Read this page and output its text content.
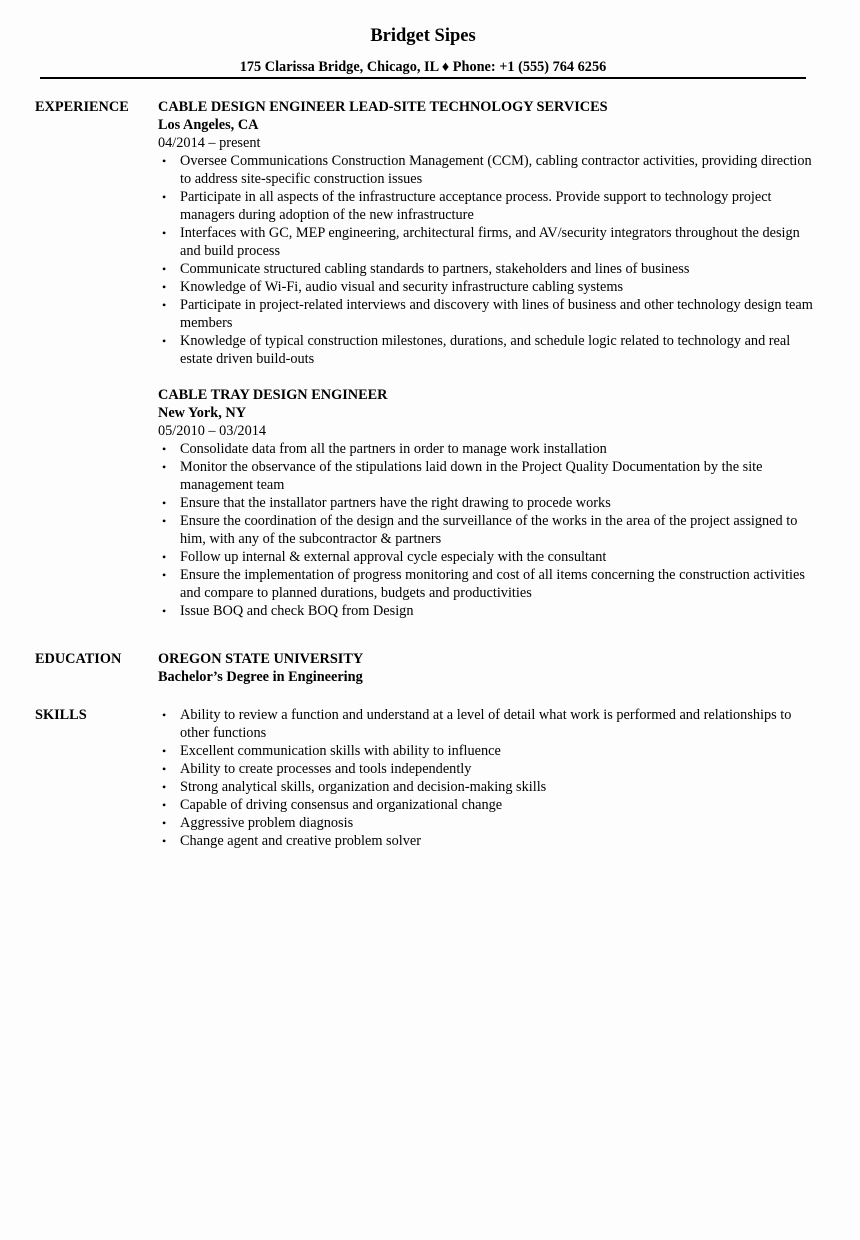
Bridget Sipes
175 Clarissa Bridge, Chicago, IL ♦ Phone: +1 (555) 764 6256
EXPERIENCE	CABLE DESIGN ENGINEER LEAD-SITE TECHNOLOGY SERVICES
Los Angeles, CA
04/2014 – present
• Oversee Communications Construction Management (CCM), cabling contractor activities, providing direction to address site-specific construction issues
• Participate in all aspects of the infrastructure acceptance process. Provide support to technology project managers during adoption of the new infrastructure
• Interfaces with GC, MEP engineering, architectural firms, and AV/security integrators throughout the design and build process
• Communicate structured cabling standards to partners, stakeholders and lines of business
• Knowledge of Wi-Fi, audio visual and security infrastructure cabling systems
• Participate in project-related interviews and discovery with lines of business and other technology design team members
• Knowledge of typical construction milestones, durations, and schedule logic related to technology and real estate driven build-outs
CABLE TRAY DESIGN ENGINEER
New York, NY
05/2010 – 03/2014
• Consolidate data from all the partners in order to manage work installation
• Monitor the observance of the stipulations laid down in the Project Quality Documentation by the site management team
• Ensure that the installator partners have the right drawing to procede works
• Ensure the coordination of the design and the surveillance of the works in the area of the project assigned to him, with any of the subcontractor & partners
• Follow up internal & external approval cycle especialy with the consultant
• Ensure the implementation of progress monitoring and cost of all items concerning the construction activities and compare to planned durations, budgets and productivities
• Issue BOQ and check BOQ from Design
EDUCATION	OREGON STATE UNIVERSITY
Bachelor’s Degree in Engineering
SKILLS
•	Ability to review a function and understand at a level of detail what work is performed and relationships to other functions
• Excellent communication skills with ability to influence
• Ability to create processes and tools independently
• Strong analytical skills, organization and decision-making skills
• Capable of driving consensus and organizational change
• Aggressive problem diagnosis
• Change agent and creative problem solver
